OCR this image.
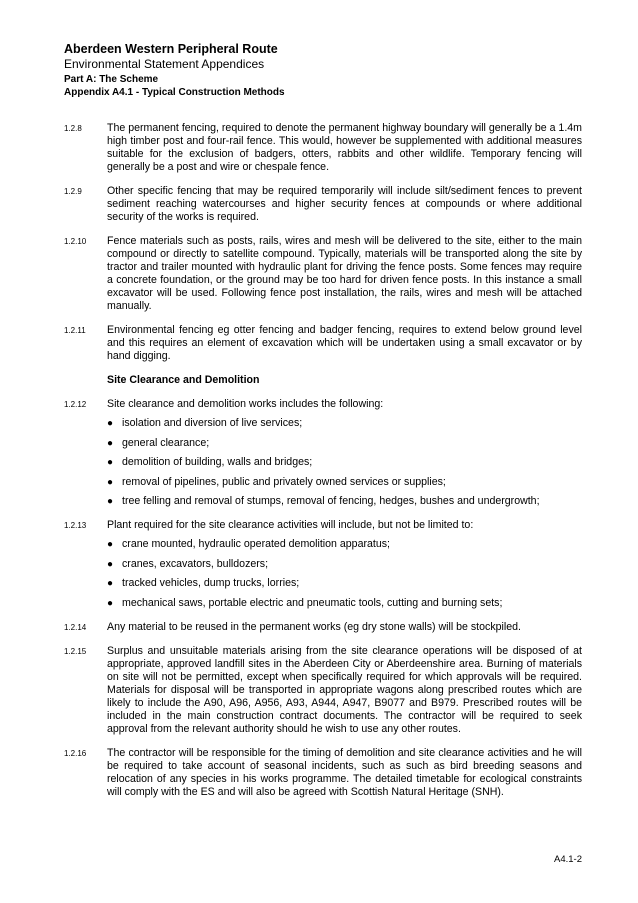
Aberdeen Western Peripheral Route
Environmental Statement Appendices
Part A: The Scheme
Appendix A4.1 - Typical Construction Methods
1.2.8	The permanent fencing, required to denote the permanent highway boundary will generally be a 1.4m high timber post and four-rail fence. This would, however be supplemented with additional measures suitable for the exclusion of badgers, otters, rabbits and other wildlife. Temporary fencing will generally be a post and wire or chespale fence.
1.2.9	Other specific fencing that may be required temporarily will include silt/sediment fences to prevent sediment reaching watercourses and higher security fences at compounds or where additional security of the works is required.
1.2.10	Fence materials such as posts, rails, wires and mesh will be delivered to the site, either to the main compound or directly to satellite compound. Typically, materials will be transported along the site by tractor and trailer mounted with hydraulic plant for driving the fence posts. Some fences may require a concrete foundation, or the ground may be too hard for driven fence posts. In this instance a small excavator will be used. Following fence post installation, the rails, wires and mesh will be attached manually.
1.2.11	Environmental fencing eg otter fencing and badger fencing, requires to extend below ground level and this requires an element of excavation which will be undertaken using a small excavator or by hand digging.
Site Clearance and Demolition
1.2.12	Site clearance and demolition works includes the following:
● isolation and diversion of live services;
● general clearance;
● demolition of building, walls and bridges;
● removal of pipelines, public and privately owned services or supplies;
● tree felling and removal of stumps, removal of fencing, hedges, bushes and undergrowth;
1.2.13	Plant required for the site clearance activities will include, but not be limited to:
● crane mounted, hydraulic operated demolition apparatus;
● cranes, excavators, bulldozers;
● tracked vehicles, dump trucks, lorries;
● mechanical saws, portable electric and pneumatic tools, cutting and burning sets;
1.2.14	Any material to be reused in the permanent works (eg dry stone walls) will be stockpiled.
1.2.15	Surplus and unsuitable materials arising from the site clearance operations will be disposed of at appropriate, approved landfill sites in the Aberdeen City or Aberdeenshire area. Burning of materials on site will not be permitted, except when specifically required for which approvals will be required. Materials for disposal will be transported in appropriate wagons along prescribed routes which are likely to include the A90, A96, A956, A93, A944, A947, B9077 and B979. Prescribed routes will be included in the main construction contract documents. The contractor will be required to seek approval from the relevant authority should he wish to use any other routes.
1.2.16	The contractor will be responsible for the timing of demolition and site clearance activities and he will be required to take account of seasonal incidents, such as such as bird breeding seasons and relocation of any species in his works programme. The detailed timetable for ecological constraints will comply with the ES and will also be agreed with Scottish Natural Heritage (SNH).
A4.1-2
